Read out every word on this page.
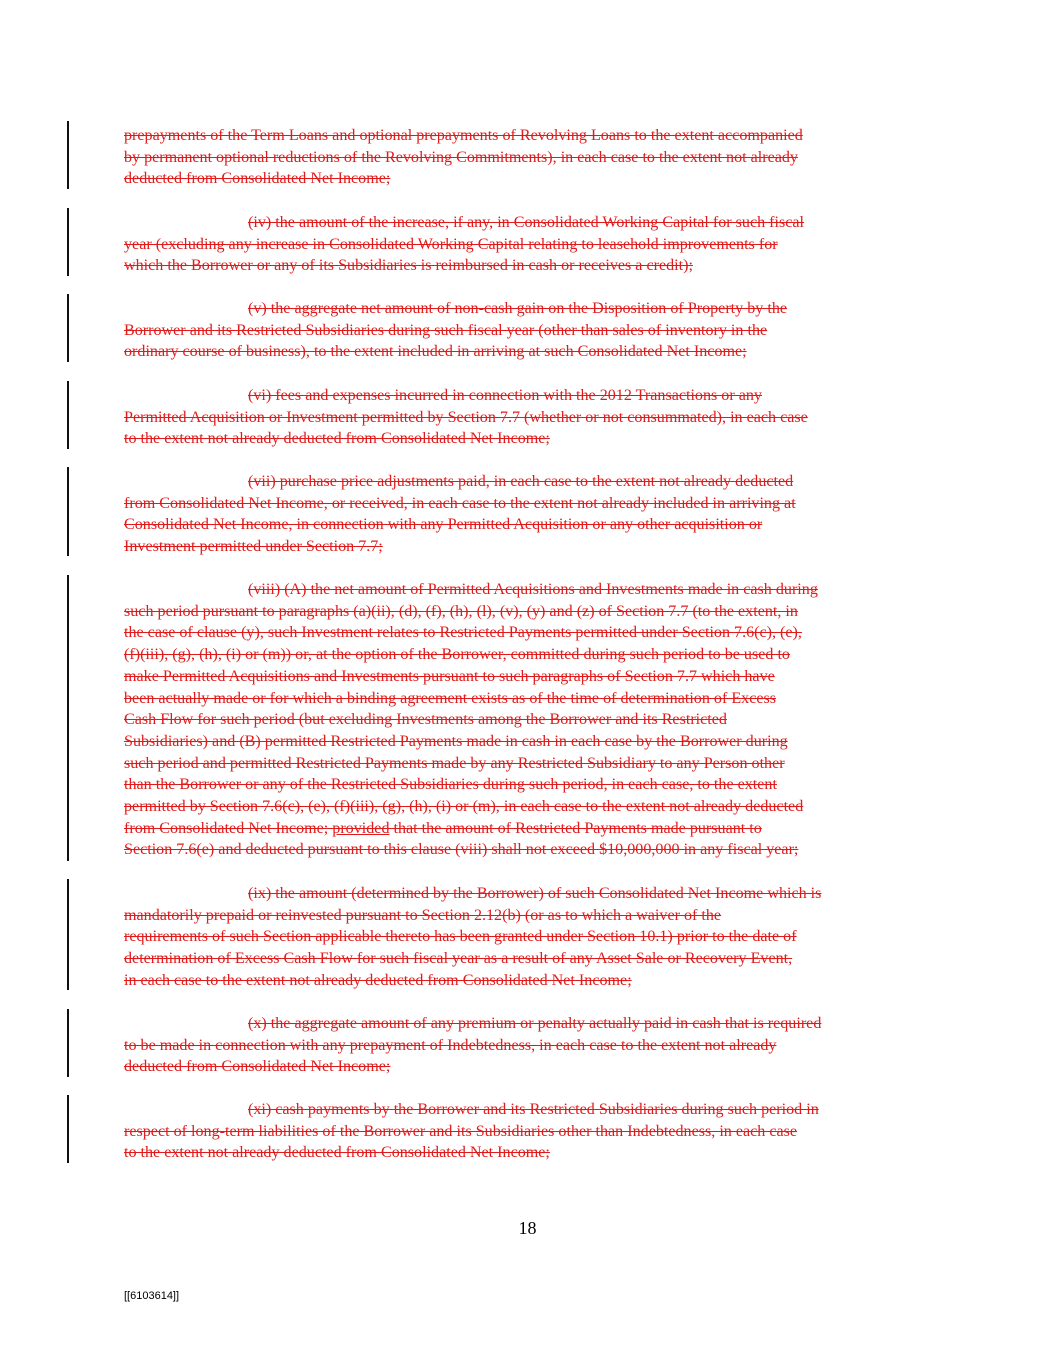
prepayments of the Term Loans and optional prepayments of Revolving Loans to the extent accompanied
by permanent optional reductions of the Revolving Commitments), in each case to the extent not already
deducted from Consolidated Net Income;
(iv) the amount of the increase, if any, in Consolidated Working Capital for such fiscal
year (excluding any increase in Consolidated Working Capital relating to leasehold improvements for
which the Borrower or any of its Subsidiaries is reimbursed in cash or receives a credit);
(v) the aggregate net amount of non-cash gain on the Disposition of Property by the
Borrower and its Restricted Subsidiaries during such fiscal year (other than sales of inventory in the
ordinary course of business), to the extent included in arriving at such Consolidated Net Income;
(vi) fees and expenses incurred in connection with the 2012 Transactions or any
Permitted Acquisition or Investment permitted by Section 7.7 (whether or not consummated), in each case
to the extent not already deducted from Consolidated Net Income;
(vii) purchase price adjustments paid, in each case to the extent not already deducted
from Consolidated Net Income, or received, in each case to the extent not already included in arriving at
Consolidated Net Income, in connection with any Permitted Acquisition or any other acquisition or
Investment permitted under Section 7.7;
(viii) (A) the net amount of Permitted Acquisitions and Investments made in cash during
such period pursuant to paragraphs (a)(ii), (d), (f), (h), (l), (v), (y) and (z) of Section 7.7 (to the extent, in
the case of clause (y), such Investment relates to Restricted Payments permitted under Section 7.6(c), (e),
(f)(iii), (g), (h), (i) or (m)) or, at the option of the Borrower, committed during such period to be used to
make Permitted Acquisitions and Investments pursuant to such paragraphs of Section 7.7 which have
been actually made or for which a binding agreement exists as of the time of determination of Excess
Cash Flow for such period (but excluding Investments among the Borrower and its Restricted
Subsidiaries) and (B) permitted Restricted Payments made in cash in each case by the Borrower during
such period and permitted Restricted Payments made by any Restricted Subsidiary to any Person other
than the Borrower or any of the Restricted Subsidiaries during such period, in each case, to the extent
permitted by Section 7.6(c), (e), (f)(iii), (g), (h), (i) or (m), in each case to the extent not already deducted
from Consolidated Net Income; provided that the amount of Restricted Payments made pursuant to
Section 7.6(e) and deducted pursuant to this clause (viii) shall not exceed $10,000,000 in any fiscal year;
(ix) the amount (determined by the Borrower) of such Consolidated Net Income which is
mandatorily prepaid or reinvested pursuant to Section 2.12(b) (or as to which a waiver of the
requirements of such Section applicable thereto has been granted under Section 10.1) prior to the date of
determination of Excess Cash Flow for such fiscal year as a result of any Asset Sale or Recovery Event,
in each case to the extent not already deducted from Consolidated Net Income;
(x) the aggregate amount of any premium or penalty actually paid in cash that is required
to be made in connection with any prepayment of Indebtedness, in each case to the extent not already
deducted from Consolidated Net Income;
(xi) cash payments by the Borrower and its Restricted Subsidiaries during such period in
respect of long-term liabilities of the Borrower and its Subsidiaries other than Indebtedness, in each case
to the extent not already deducted from Consolidated Net Income;
18
[[6103614]]
